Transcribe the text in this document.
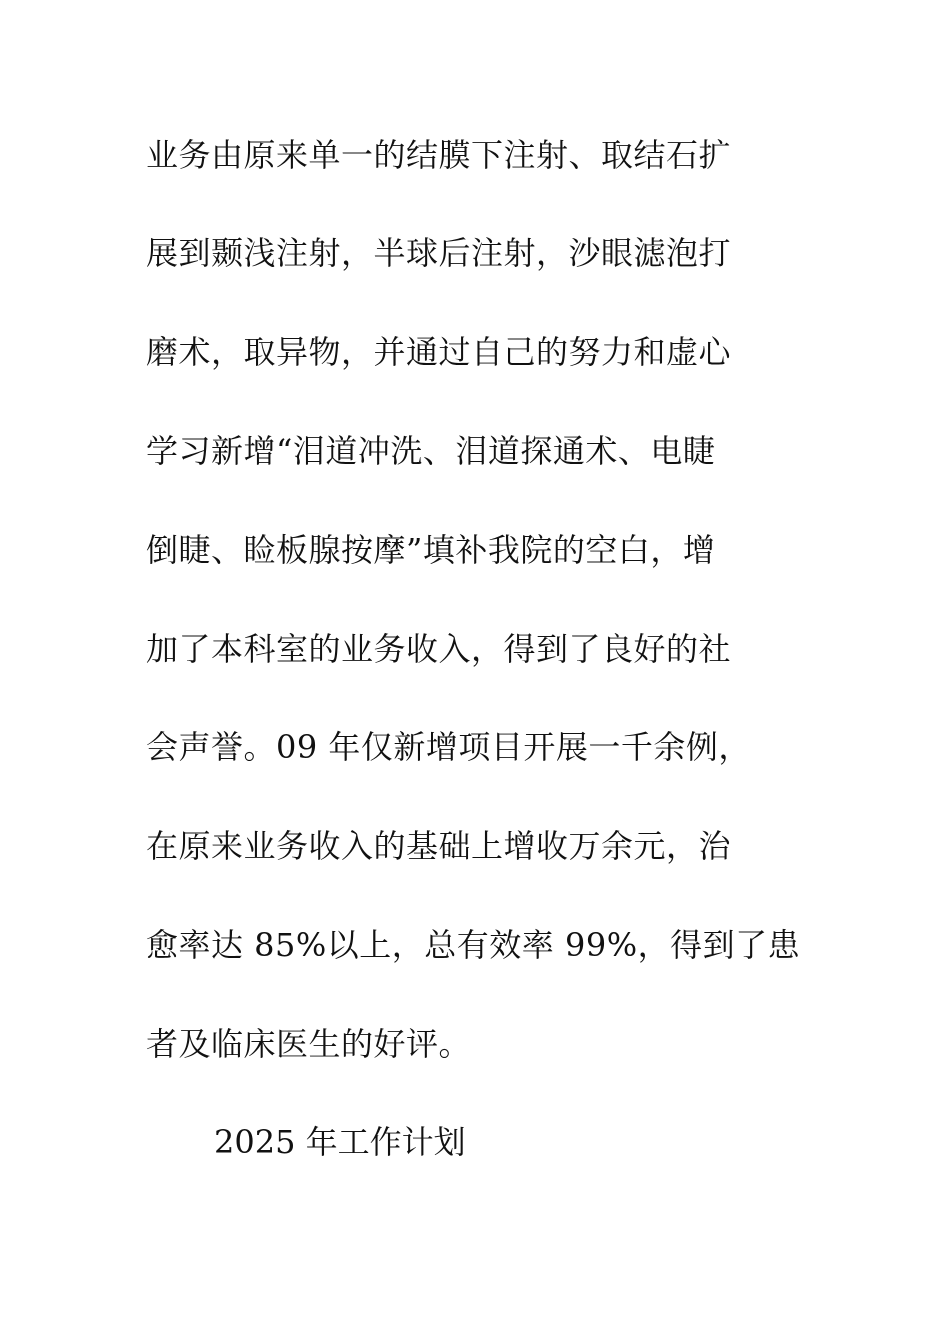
业务由原来单一的结膜下注射、取结石扩
展到颞浅注射，半球后注射，沙眼滤泡打
磨术，取异物，并通过自己的努力和虚心
学习新增“泪道冲洗、泪道探通术、电睫
倒睫、睑板腺按摩”填补我院的空白，增
加了本科室的业务收入，得到了良好的社
会声誉。09 年仅新增项目开展一千余例，
在原来业务收入的基础上增收万余元，治
愈率达 85%以上，总有效率 99%，得到了患
者及临床医生的好评。
2025 年工作计划
